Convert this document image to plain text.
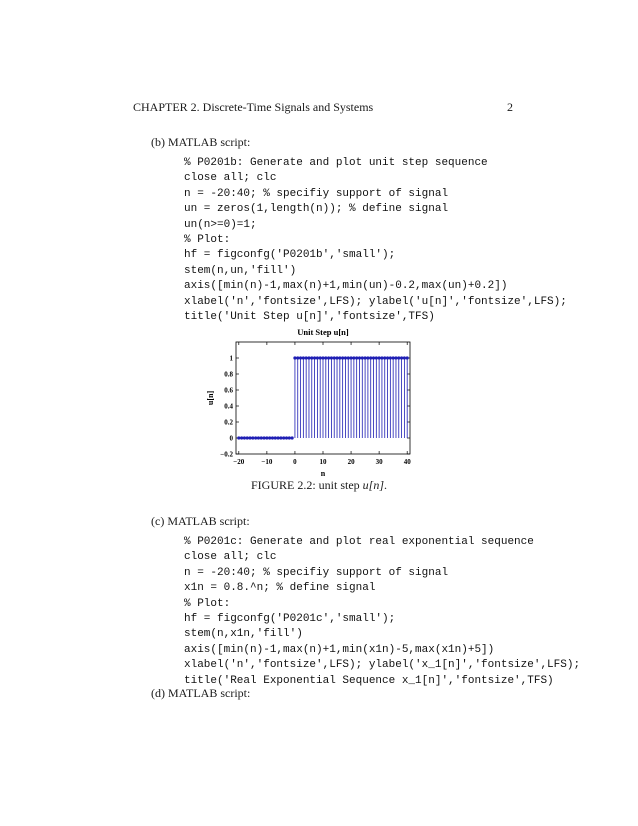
CHAPTER 2. Discrete-Time Signals and Systems	2
(b) MATLAB script:
% P0201b: Generate and plot unit step sequence
close all; clc
n = -20:40; % specifiy support of signal
un = zeros(1,length(n)); % define signal
un(n>=0)=1;
% Plot:
hf = figconfg('P0201b','small');
stem(n,un,'fill')
axis([min(n)-1,max(n)+1,min(un)-0.2,max(un)+0.2])
xlabel('n','fontsize',LFS); ylabel('u[n]','fontsize',LFS);
title('Unit Step u[n]','fontsize',TFS)
Unit Step u[n]
n
u[n]
−20 −10	0	10	20	30	40
−0.2
0
0.2
0.4
0.6
0.8
1
FIGURE 2.2: unit step u[n].
(c) MATLAB script:
% P0201c: Generate and plot real exponential sequence
close all; clc
n = -20:40; % specifiy support of signal
x1n = 0.8.^n; % define signal
% Plot:
hf = figconfg('P0201c','small');
stem(n,x1n,'fill')
axis([min(n)-1,max(n)+1,min(x1n)-5,max(x1n)+5])
xlabel('n','fontsize',LFS); ylabel('x_1[n]','fontsize',LFS);
title('Real Exponential Sequence x_1[n]','fontsize',TFS)
(d) MATLAB script:
